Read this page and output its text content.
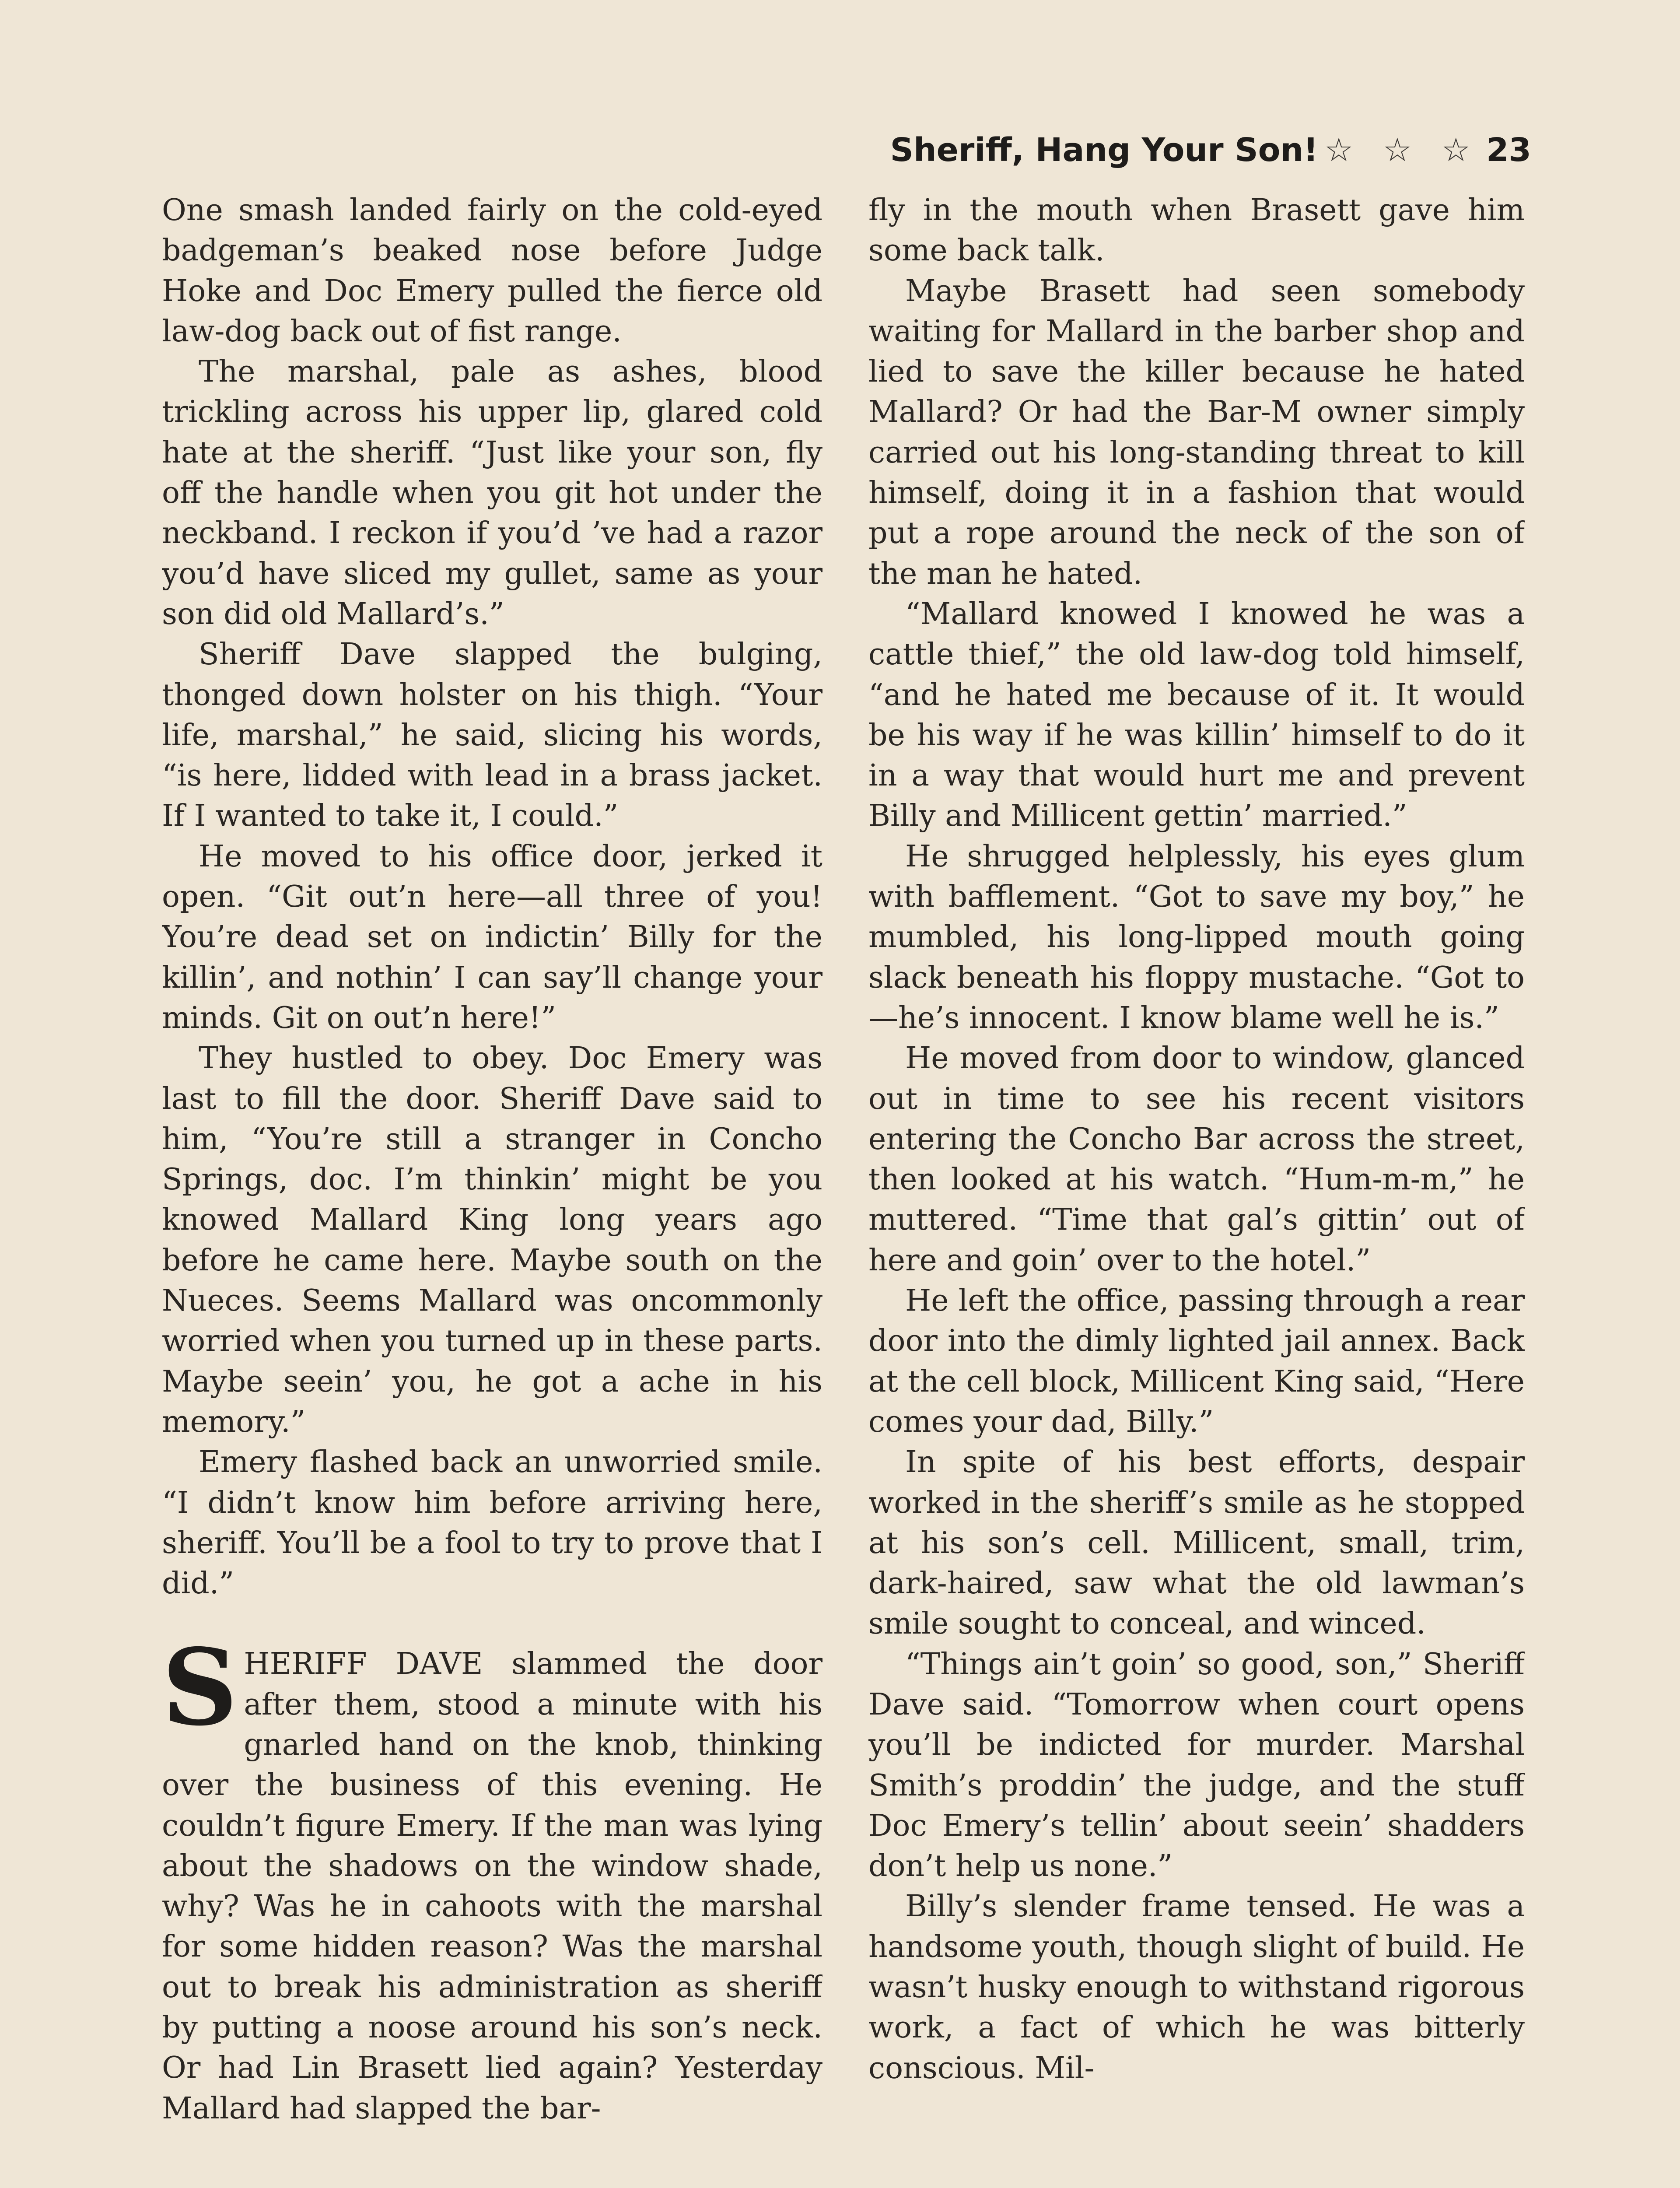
Sheriff, Hang Your Son! ☆ ☆ ☆ 23

One smash landed fairly on the cold-eyed badgeman’s beaked nose before Judge Hoke and Doc Emery pulled the fierce old law-dog back out of fist range.

The marshal, pale as ashes, blood trickling across his upper lip, glared cold hate at the sheriff. “Just like your son, fly off the handle when you git hot under the neckband. I reckon if you’d ’ve had a razor you’d have sliced my gullet, same as your son did old Mallard’s.”

Sheriff Dave slapped the bulging, thonged down holster on his thigh. “Your life, marshal,” he said, slicing his words, “is here, lidded with lead in a brass jacket. If I wanted to take it, I could.”

He moved to his office door, jerked it open. “Git out’n here—all three of you! You’re dead set on indictin’ Billy for the killin’, and nothin’ I can say’ll change your minds. Git on out’n here!”

They hustled to obey. Doc Emery was last to fill the door. Sheriff Dave said to him, “You’re still a stranger in Concho Springs, doc. I’m thinkin’ might be you knowed Mallard King long years ago before he came here. Maybe south on the Nueces. Seems Mallard was oncommonly worried when you turned up in these parts. Maybe seein’ you, he got a ache in his memory.”

Emery flashed back an unworried smile. “I didn’t know him before arriving here, sheriff. You’ll be a fool to try to prove that I did.”

SHERIFF DAVE slammed the door after them, stood a minute with his gnarled hand on the knob, thinking over the business of this evening. He couldn’t figure Emery. If the man was lying about the shadows on the window shade, why? Was he in cahoots with the marshal for some hidden reason? Was the marshal out to break his administration as sheriff by putting a noose around his son’s neck. Or had Lin Brasett lied again? Yesterday Mallard had slapped the bar-

fly in the mouth when Brasett gave him some back talk.

Maybe Brasett had seen somebody waiting for Mallard in the barber shop and lied to save the killer because he hated Mallard? Or had the Bar-M owner simply carried out his long-standing threat to kill himself, doing it in a fashion that would put a rope around the neck of the son of the man he hated.

“Mallard knowed I knowed he was a cattle thief,” the old law-dog told himself, “and he hated me because of it. It would be his way if he was killin’ himself to do it in a way that would hurt me and prevent Billy and Millicent gettin’ married.”

He shrugged helplessly, his eyes glum with bafflement. “Got to save my boy,” he mumbled, his long-lipped mouth going slack beneath his floppy mustache. “Got to—he’s innocent. I know blame well he is.”

He moved from door to window, glanced out in time to see his recent visitors entering the Concho Bar across the street, then looked at his watch. “Hum-m-m,” he muttered. “Time that gal’s gittin’ out of here and goin’ over to the hotel.”

He left the office, passing through a rear door into the dimly lighted jail annex. Back at the cell block, Millicent King said, “Here comes your dad, Billy.”

In spite of his best efforts, despair worked in the sheriff’s smile as he stopped at his son’s cell. Millicent, small, trim, dark-haired, saw what the old lawman’s smile sought to conceal, and winced.

“Things ain’t goin’ so good, son,” Sheriff Dave said. “Tomorrow when court opens you’ll be indicted for murder. Marshal Smith’s proddin’ the judge, and the stuff Doc Emery’s tellin’ about seein’ shadders don’t help us none.”

Billy’s slender frame tensed. He was a handsome youth, though slight of build. He wasn’t husky enough to withstand rigorous work, a fact of which he was bitterly conscious. Mil-
